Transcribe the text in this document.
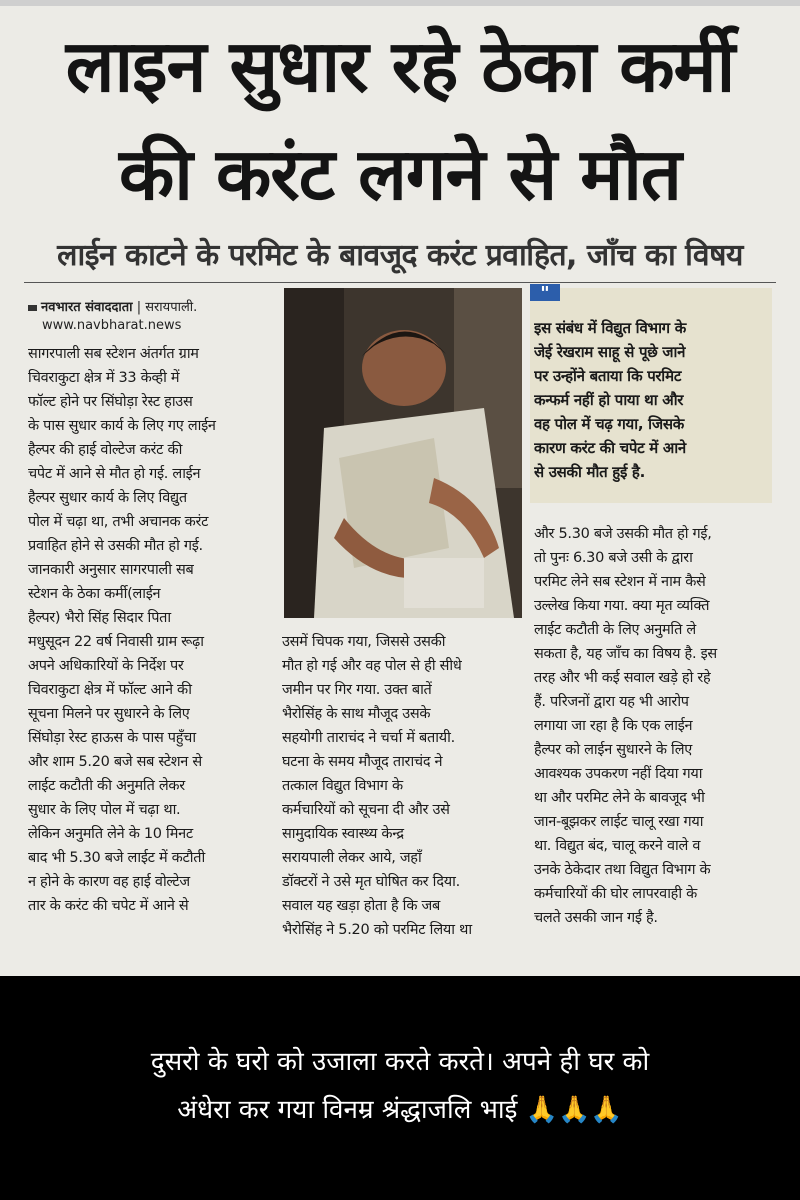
लाइन सुधार रहे ठेका कर्मी
की करंट लगने से मौत
लाईन काटने के परमिट के बावजूद करंट प्रवाहित, जाँच का विषय
नवभारत संवाददाता | सरायपाली.
www.navbharat.news
सागरपाली सब स्टेशन अंतर्गत ग्राम
चिवराकुटा क्षेत्र में 33 केव्ही में
फॉल्ट होने पर सिंघोड़ा रेस्ट हाउस
के पास सुधार कार्य के लिए गए लाईन
हैल्पर की हाई वोल्टेज करंट की
चपेट में आने से मौत हो गई. लाईन
हैल्पर सुधार कार्य के लिए विद्युत
पोल में चढ़ा था, तभी अचानक करंट
प्रवाहित होने से उसकी मौत हो गई.
जानकारी अनुसार सागरपाली सब
स्टेशन के ठेका कर्मी(लाईन
हैल्पर) भैरो सिंह सिदार पिता
मधुसूदन 22 वर्ष निवासी ग्राम रूढ़ा
अपने अधिकारियों के निर्देश पर
चिवराकुटा क्षेत्र में फॉल्ट आने की
सूचना मिलने पर सुधारने के लिए
सिंघोड़ा रेस्ट हाऊस के पास पहुँचा
और शाम 5.20 बजे सब स्टेशन से
लाईट कटौती की अनुमति लेकर
सुधार के लिए पोल में चढ़ा था.
लेकिन अनुमति लेने के 10 मिनट
बाद भी 5.30 बजे लाईट में कटौती
न होने के कारण वह हाई वोल्टेज
तार के करंट की चपेट में आने से
उसमें चिपक गया, जिससे उसकी
मौत हो गई और वह पोल से ही सीधे
जमीन पर गिर गया. उक्त बातें
भैरोसिंह के साथ मौजूद उसके
सहयोगी ताराचंद ने चर्चा में बतायी.
घटना के समय मौजूद ताराचंद ने
तत्काल विद्युत विभाग के
कर्मचारियों को सूचना दी और उसे
सामुदायिक स्वास्थ्य केन्द्र
सरायपाली लेकर आये, जहाँ
डॉक्टरों ने उसे मृत घोषित कर दिया.
सवाल यह खड़ा होता है कि जब
भैरोसिंह ने 5.20 को परमिट लिया था
"
इस संबंध में विद्युत विभाग के
जेई रेखराम साहू से पूछे जाने
पर उन्होंने बताया कि परमिट
कन्फर्म नहीं हो पाया था और
वह पोल में चढ़ गया, जिसके
कारण करंट की चपेट में आने
से उसकी मौत हुई है.
और 5.30 बजे उसकी मौत हो गई,
तो पुनः 6.30 बजे उसी के द्वारा
परमिट लेने सब स्टेशन में नाम कैसे
उल्लेख किया गया. क्या मृत व्यक्ति
लाईट कटौती के लिए अनुमति ले
सकता है, यह जाँच का विषय है. इस
तरह और भी कई सवाल खड़े हो रहे
हैं. परिजनों द्वारा यह भी आरोप
लगाया जा रहा है कि एक लाईन
हैल्पर को लाईन सुधारने के लिए
आवश्यक उपकरण नहीं दिया गया
था और परमिट लेने के बावजूद भी
जान-बूझकर लाईट चालू रखा गया
था. विद्युत बंद, चालू करने वाले व
उनके ठेकेदार तथा विद्युत विभाग के
कर्मचारियों की घोर लापरवाही के
चलते उसकी जान गई है.

दुसरो के घरो को उजाला करते करते। अपने ही घर को
अंधेरा कर गया विनम्र श्रंद्धाजलि भाई 🙏🙏🙏
